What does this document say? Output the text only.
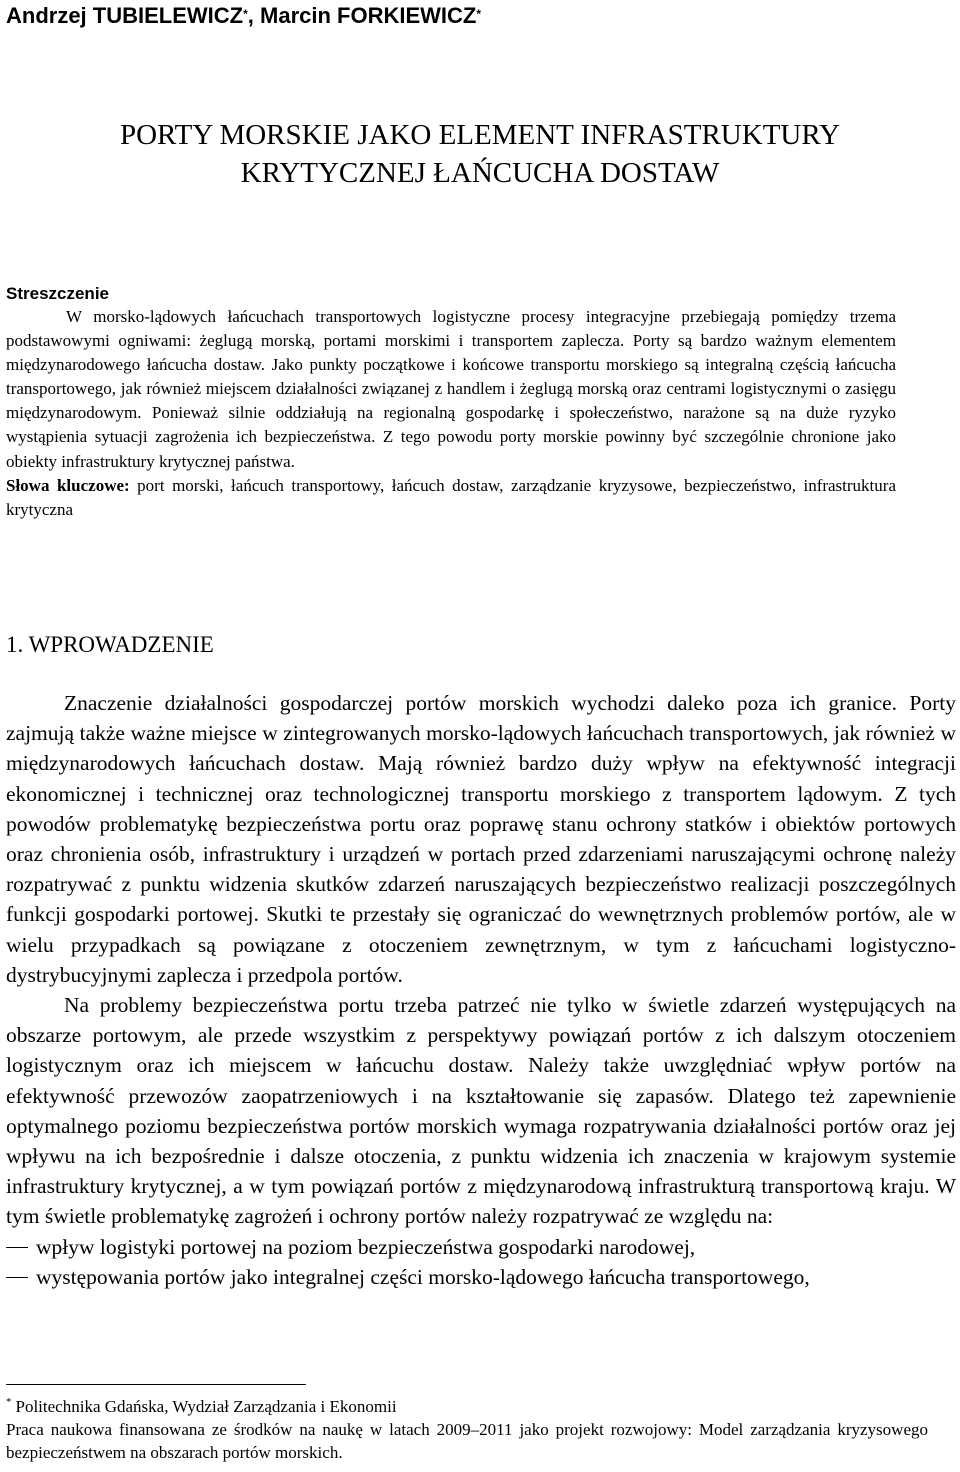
Andrzej TUBIELEWICZ*, Marcin FORKIEWICZ*
PORTY MORSKIE JAKO ELEMENT INFRASTRUKTURY
KRYTYCZNEJ ŁAŃCUCHA DOSTAW
Streszczenie

W morsko-lądowych łańcuchach transportowych logistyczne procesy integracyjne przebiegają pomiędzy trzema podstawowymi ogniwami: żeglugą morską, portami morskimi i transportem zaplecza. Porty są bardzo ważnym elementem międzynarodowego łańcucha dostaw. Jako punkty początkowe i końcowe transportu morskiego są integralną częścią łańcucha transportowego, jak również miejscem działalności związanej z handlem i żeglugą morską oraz centrami logistycznymi o zasięgu międzynarodowym. Ponieważ silnie oddziałują na regionalną gospodarkę i społeczeństwo, narażone są na duże ryzyko wystąpienia sytuacji zagrożenia ich bezpieczeństwa. Z tego powodu porty morskie powinny być szczególnie chronione jako obiekty infrastruktury krytycznej państwa.

Słowa kluczowe: port morski, łańcuch transportowy, łańcuch dostaw, zarządzanie kryzysowe, bezpieczeństwo, infrastruktura krytyczna

1. WPROWADZENIE

Znaczenie działalności gospodarczej portów morskich wychodzi daleko poza ich granice. Porty zajmują także ważne miejsce w zintegrowanych morsko-lądowych łańcuchach transportowych, jak również w międzynarodowych łańcuchach dostaw. Mają również bardzo duży wpływ na efektywność integracji ekonomicznej i technicznej oraz technologicznej transportu morskiego z transportem lądowym. Z tych powodów problematykę bezpieczeństwa portu oraz poprawę stanu ochrony statków i obiektów portowych oraz chronienia osób, infrastruktury i urządzeń w portach przed zdarzeniami naruszającymi ochronę należy rozpatrywać z punktu widzenia skutków zdarzeń naruszających bezpieczeństwo realizacji poszczególnych funkcji gospodarki portowej. Skutki te przestały się ograniczać do wewnętrznych problemów portów, ale w wielu przypadkach są powiązane z otoczeniem zewnętrznym, w tym z łańcuchami logistyczno-dystrybucyjnymi zaplecza i przedpola portów.

Na problemy bezpieczeństwa portu trzeba patrzeć nie tylko w świetle zdarzeń występujących na obszarze portowym, ale przede wszystkim z perspektywy powiązań portów z ich dalszym otoczeniem logistycznym oraz ich miejscem w łańcuchu dostaw. Należy także uwzględniać wpływ portów na efektywność przewozów zaopatrzeniowych i na kształtowanie się zapasów. Dlatego też zapewnienie optymalnego poziomu bezpieczeństwa portów morskich wymaga rozpatrywania działalności portów oraz jej wpływu na ich bezpośrednie i dalsze otoczenia, z punktu widzenia ich znaczenia w krajowym systemie infrastruktury krytycznej, a w tym powiązań portów z międzynarodową infrastrukturą transportową kraju. W tym świetle problematykę zagrożeń i ochrony portów należy rozpatrywać ze względu na:

wpływ logistyki portowej na poziom bezpieczeństwa gospodarki narodowej,
występowania portów jako integralnej części morsko-lądowego łańcucha transportowego,

* Politechnika Gdańska, Wydział Zarządzania i Ekonomii

Praca naukowa finansowana ze środków na naukę w latach 2009–2011 jako projekt rozwojowy: Model zarządzania kryzysowego bezpieczeństwem na obszarach portów morskich.
